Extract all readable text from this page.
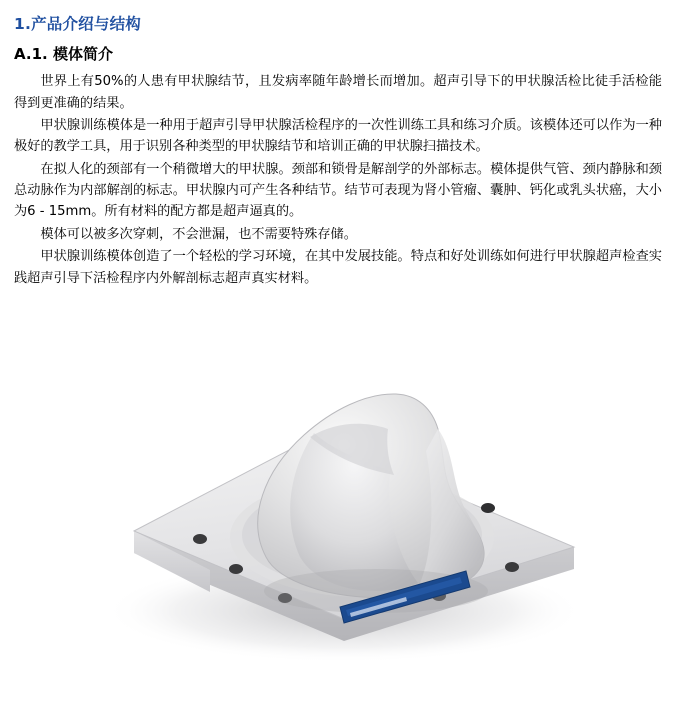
1.产品介绍与结构
A.1. 模体简介

世界上有50%的人患有甲状腺结节，且发病率随年龄增长而增加。超声引导下的甲状腺活检比徒手活检能得到更准确的结果。

甲状腺训练模体是一种用于超声引导甲状腺活检程序的一次性训练工具和练习介质。该模体还可以作为一种极好的教学工具，用于识别各种类型的甲状腺结节和培训正确的甲状腺扫描技术。

在拟人化的颈部有一个稍微增大的甲状腺。颈部和锁骨是解剖学的外部标志。模体提供气管、颈内静脉和颈总动脉作为内部解剖的标志。甲状腺内可产生各种结节。结节可表现为肾小管瘤、囊肿、钙化或乳头状癌，大小为6 - 15mm。所有材料的配方都是超声逼真的。

模体可以被多次穿刺，不会泄漏，也不需要特殊存储。

甲状腺训练模体创造了一个轻松的学习环境，在其中发展技能。特点和好处训练如何进行甲状腺超声检查实践超声引导下活检程序内外解剖标志超声真实材料。
